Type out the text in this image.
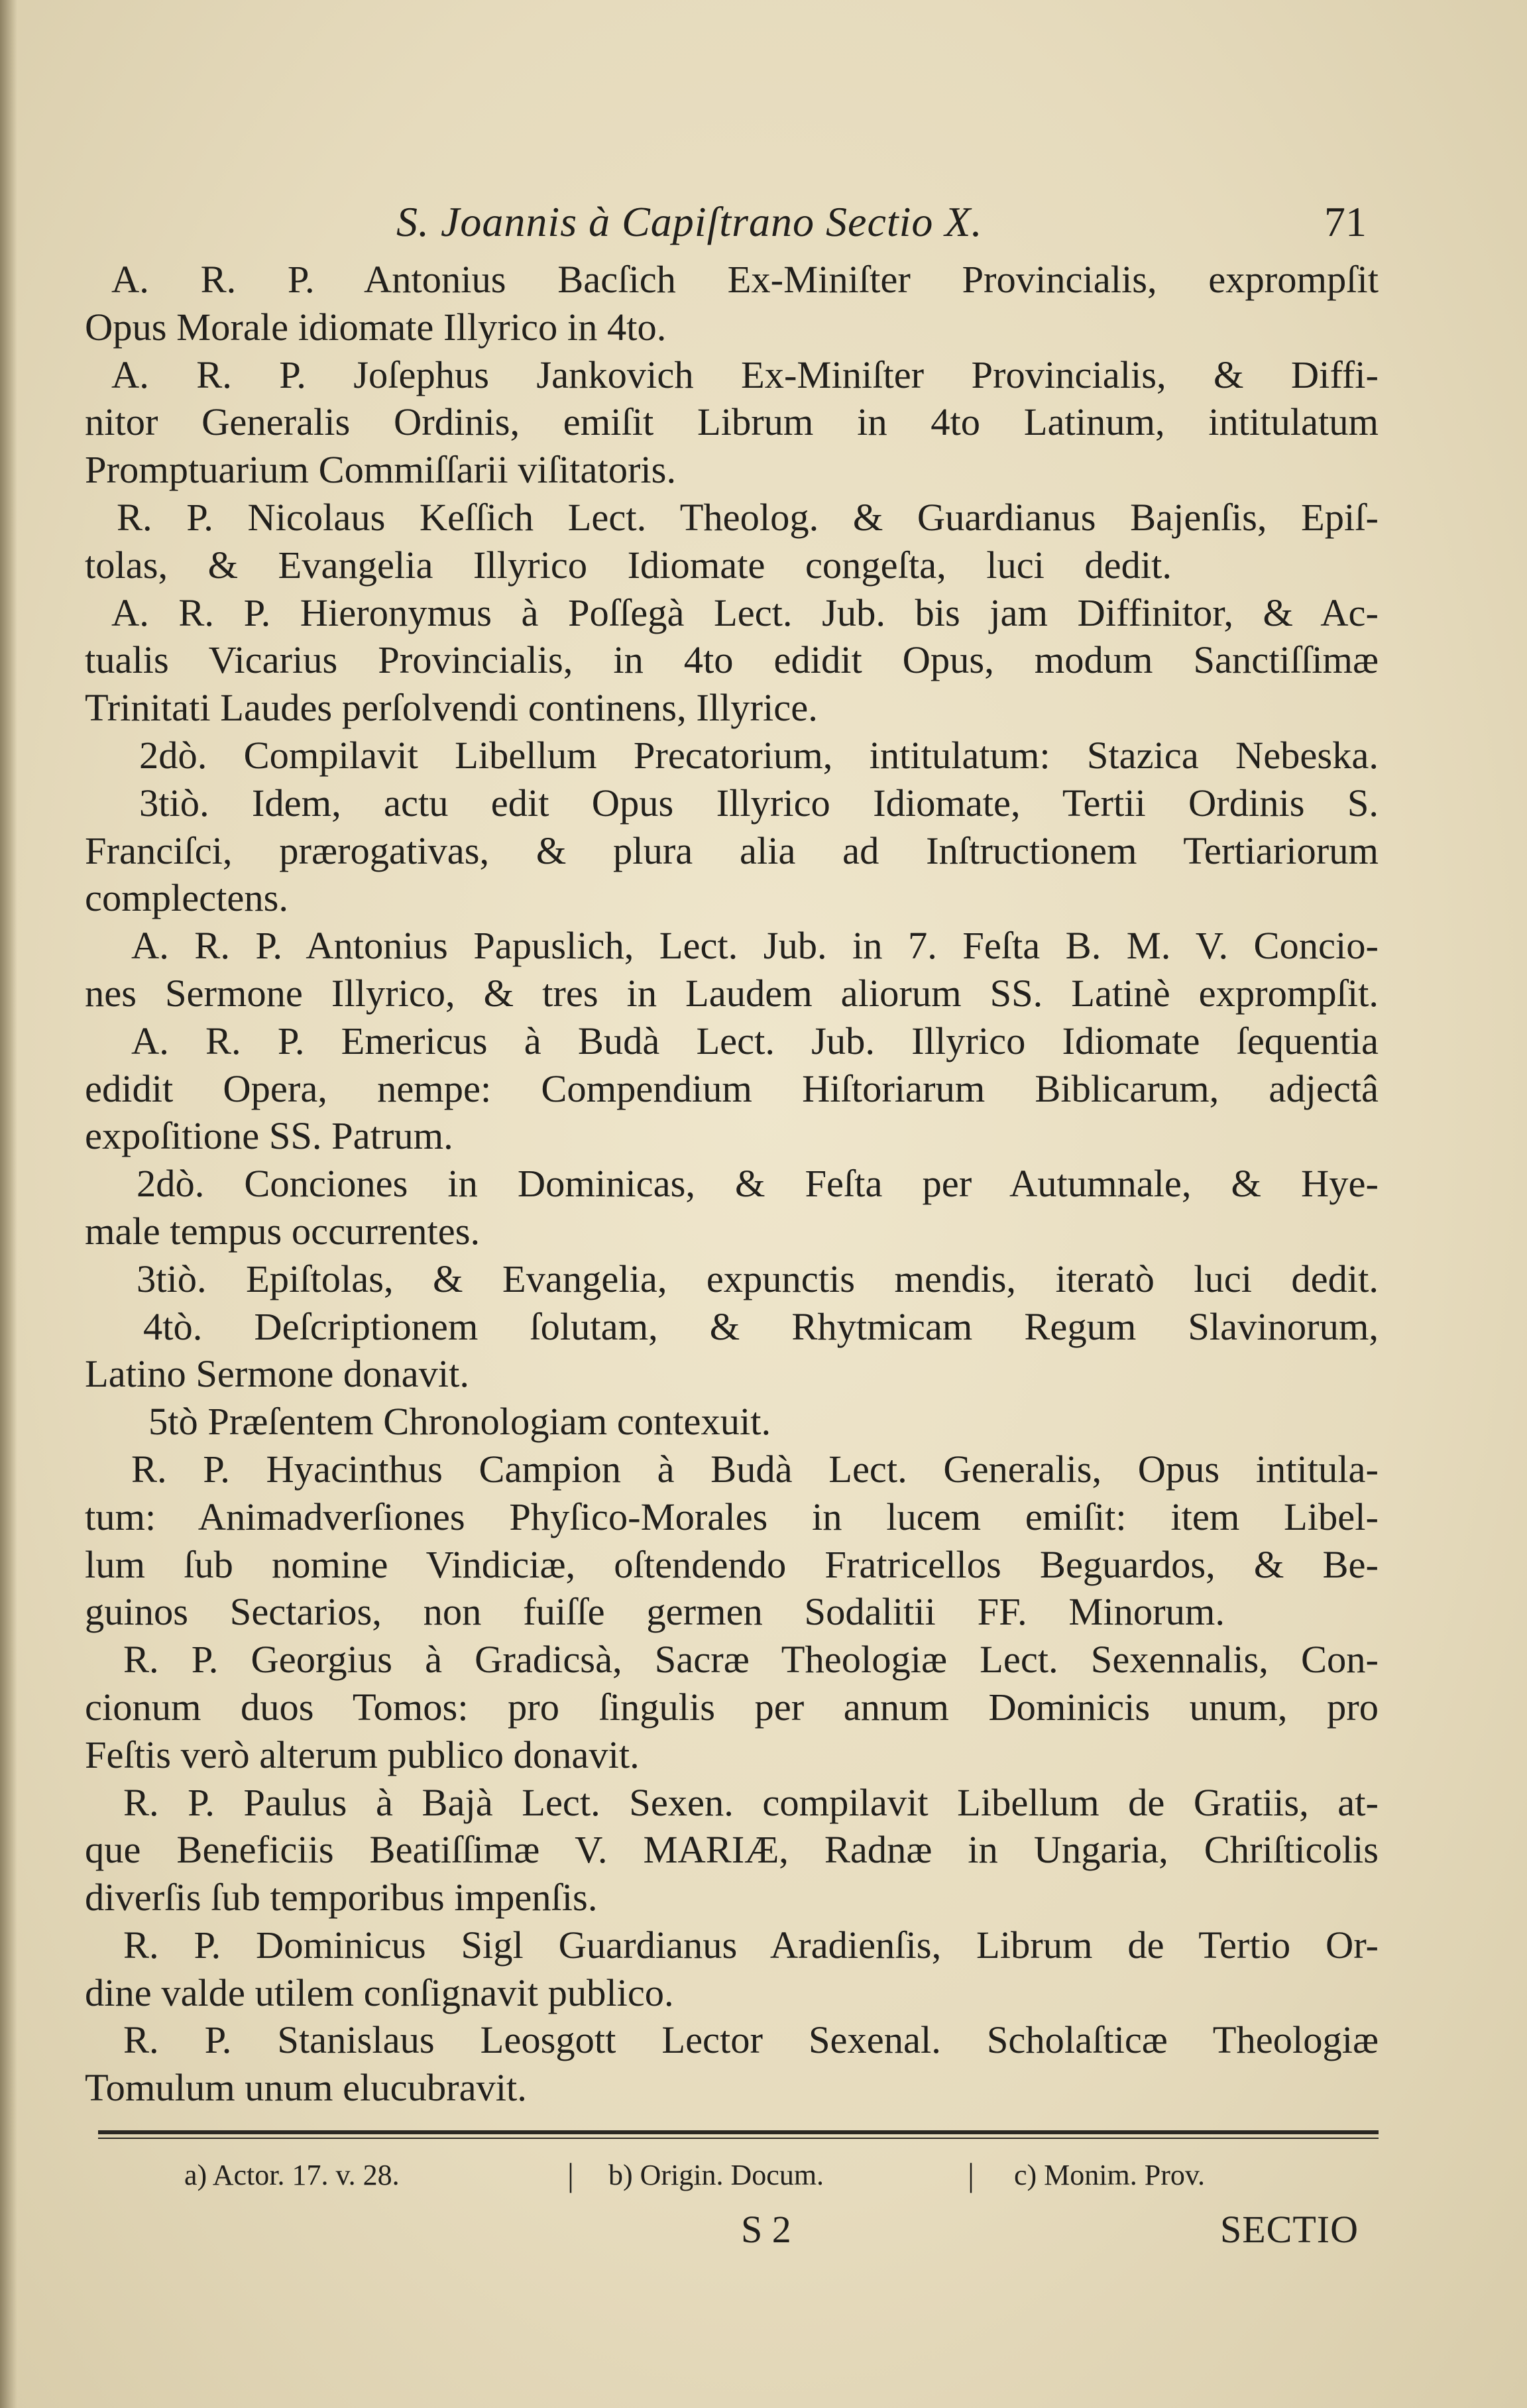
S. Joannis à Capiſtrano Sectio X.	71
A. R. P. Antonius Bacſich Ex-Miniſter Provincialis, exprompſit
Opus Morale idiomate Illyrico in 4to.
A. R. P. Joſephus Jankovich Ex-Miniſter Provincialis, & Diffi-
nitor Generalis Ordinis, emiſit Librum in 4to Latinum, intitulatum
Promptuarium Commiſſarii viſitatoris.
R. P. Nicolaus Keſſich Lect. Theolog. & Guardianus Bajenſis, Epiſ-
tolas, & Evangelia Illyrico Idiomate congeſta, luci dedit.
A. R. P. Hieronymus à Poſſegà Lect. Jub. bis jam Diffinitor, & Ac-
tualis Vicarius Provincialis, in 4to edidit Opus, modum Sanctiſſimæ
Trinitati Laudes perſolvendi continens, Illyrice.
2dò. Compilavit Libellum Precatorium, intitulatum: Stazica Nebeska.
3tiò. Idem, actu edit Opus Illyrico Idiomate, Tertii Ordinis S.
Franciſci, prærogativas, & plura alia ad Inſtructionem Tertiariorum
complectens.
A. R. P. Antonius Papuslich, Lect. Jub. in 7. Feſta B. M. V. Concio-
nes Sermone Illyrico, & tres in Laudem aliorum SS. Latinè exprompſit.
A. R. P. Emericus à Budà Lect. Jub. Illyrico Idiomate ſequentia
edidit Opera, nempe: Compendium Hiſtoriarum Biblicarum, adjectâ
expoſitione SS. Patrum.
2dò. Conciones in Dominicas, & Feſta per Autumnale, & Hye-
male tempus occurrentes.
3tiò. Epiſtolas, & Evangelia, expunctis mendis, iteratò luci dedit.
4tò. Deſcriptionem ſolutam, & Rhytmicam Regum Slavinorum,
Latino Sermone donavit.
5tò Præſentem Chronologiam contexuit.
R. P. Hyacinthus Campion à Budà Lect. Generalis, Opus intitula-
tum: Animadverſiones Phyſico-Morales in lucem emiſit: item Libel-
lum ſub nomine Vindiciæ, oſtendendo Fratricellos Beguardos, & Be-
guinos Sectarios, non fuiſſe germen Sodalitii FF. Minorum.
R. P. Georgius à Gradicsà, Sacræ Theologiæ Lect. Sexennalis, Con-
cionum duos Tomos: pro ſingulis per annum Dominicis unum, pro
Feſtis verò alterum publico donavit.
R. P. Paulus à Bajà Lect. Sexen. compilavit Libellum de Gratiis, at-
que Beneficiis Beatiſſimæ V. MARIÆ, Radnæ in Ungaria, Chriſticolis
diverſis ſub temporibus impenſis.
R. P. Dominicus Sigl Guardianus Aradienſis, Librum de Tertio Or-
dine valde utilem conſignavit publico.
R. P. Stanislaus Leosgott Lector Sexenal. Scholaſticæ Theologiæ
Tomulum unum elucubravit.
a) Actor. 17. v. 28.	| b) Origin. Docum.	| c) Monim. Prov.
S 2	SECTIO
